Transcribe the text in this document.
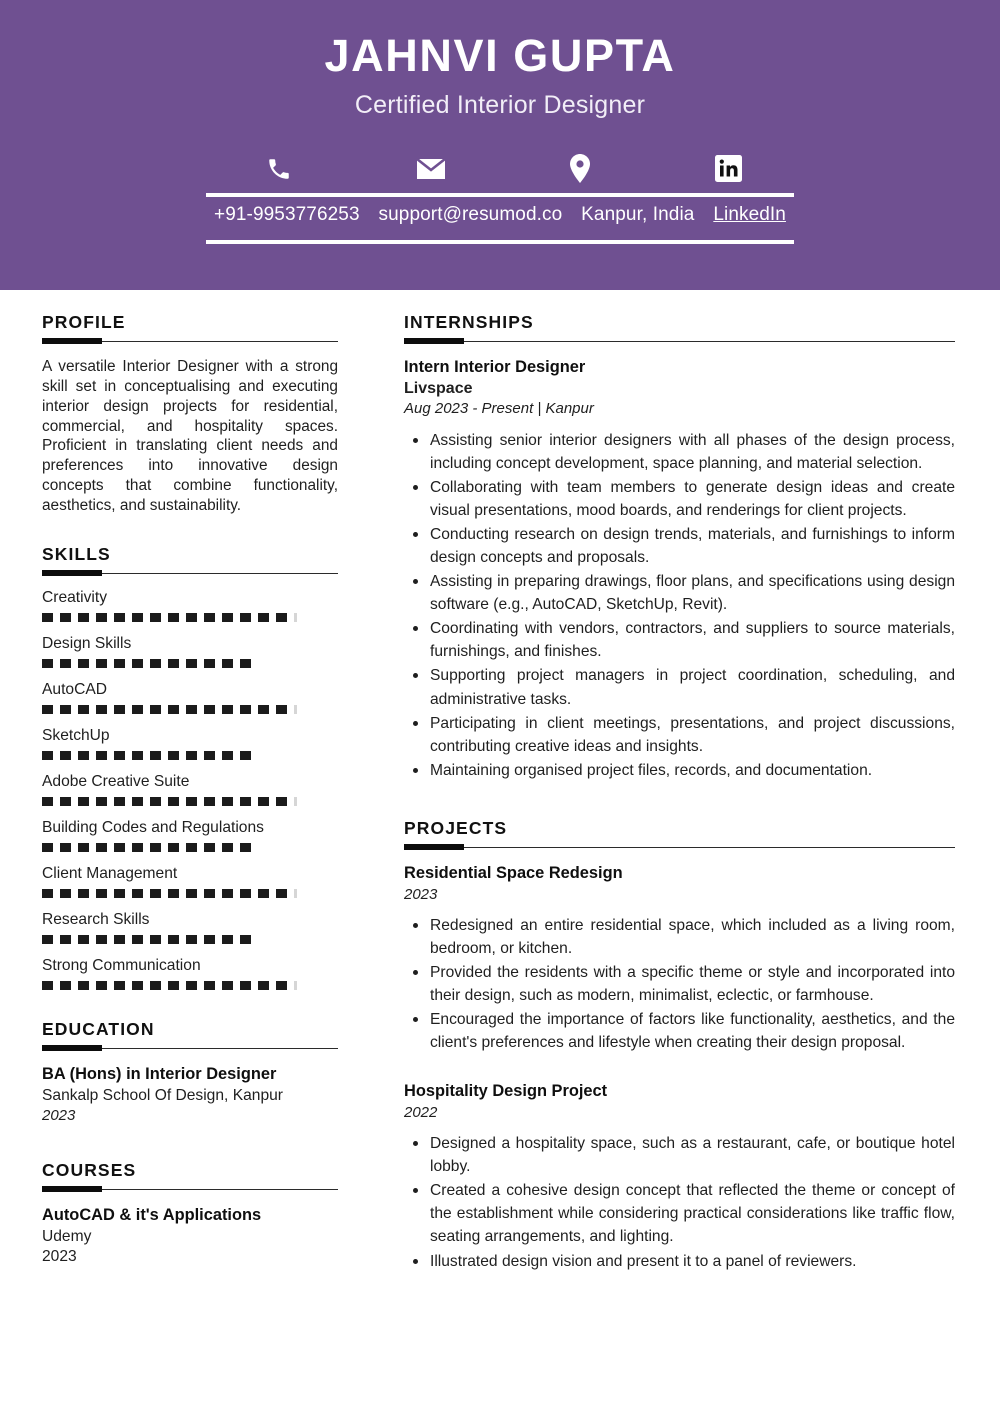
JAHNVI GUPTA
Certified Interior Designer
+91-9953776253 support@resumod.co Kanpur, India LinkedIn
PROFILE
A versatile Interior Designer with a strong skill set in conceptualising and executing interior design projects for residential, commercial, and hospitality spaces. Proficient in translating client needs and preferences into innovative design concepts that combine functionality, aesthetics, and sustainability.
SKILLS
Creativity
Design Skills
AutoCAD
SketchUp
Adobe Creative Suite
Building Codes and Regulations
Client Management
Research Skills
Strong Communication
EDUCATION
BA (Hons) in Interior Designer
Sankalp School Of Design, Kanpur
2023
COURSES
AutoCAD & it's Applications
Udemy
2023
INTERNSHIPS
Intern Interior Designer
Livspace
Aug 2023 - Present | Kanpur
Assisting senior interior designers with all phases of the design process, including concept development, space planning, and material selection.
Collaborating with team members to generate design ideas and create visual presentations, mood boards, and renderings for client projects.
Conducting research on design trends, materials, and furnishings to inform design concepts and proposals.
Assisting in preparing drawings, floor plans, and specifications using design software (e.g., AutoCAD, SketchUp, Revit).
Coordinating with vendors, contractors, and suppliers to source materials, furnishings, and finishes.
Supporting project managers in project coordination, scheduling, and administrative tasks.
Participating in client meetings, presentations, and project discussions, contributing creative ideas and insights.
Maintaining organised project files, records, and documentation.
PROJECTS
Residential Space Redesign
2023
Redesigned an entire residential space, which included as a living room, bedroom, or kitchen.
Provided the residents with a specific theme or style and incorporated into their design, such as modern, minimalist, eclectic, or farmhouse.
Encouraged the importance of factors like functionality, aesthetics, and the client's preferences and lifestyle when creating their design proposal.
Hospitality Design Project
2022
Designed a hospitality space, such as a restaurant, cafe, or boutique hotel lobby.
Created a cohesive design concept that reflected the theme or concept of the establishment while considering practical considerations like traffic flow, seating arrangements, and lighting.
Illustrated design vision and present it to a panel of reviewers.
